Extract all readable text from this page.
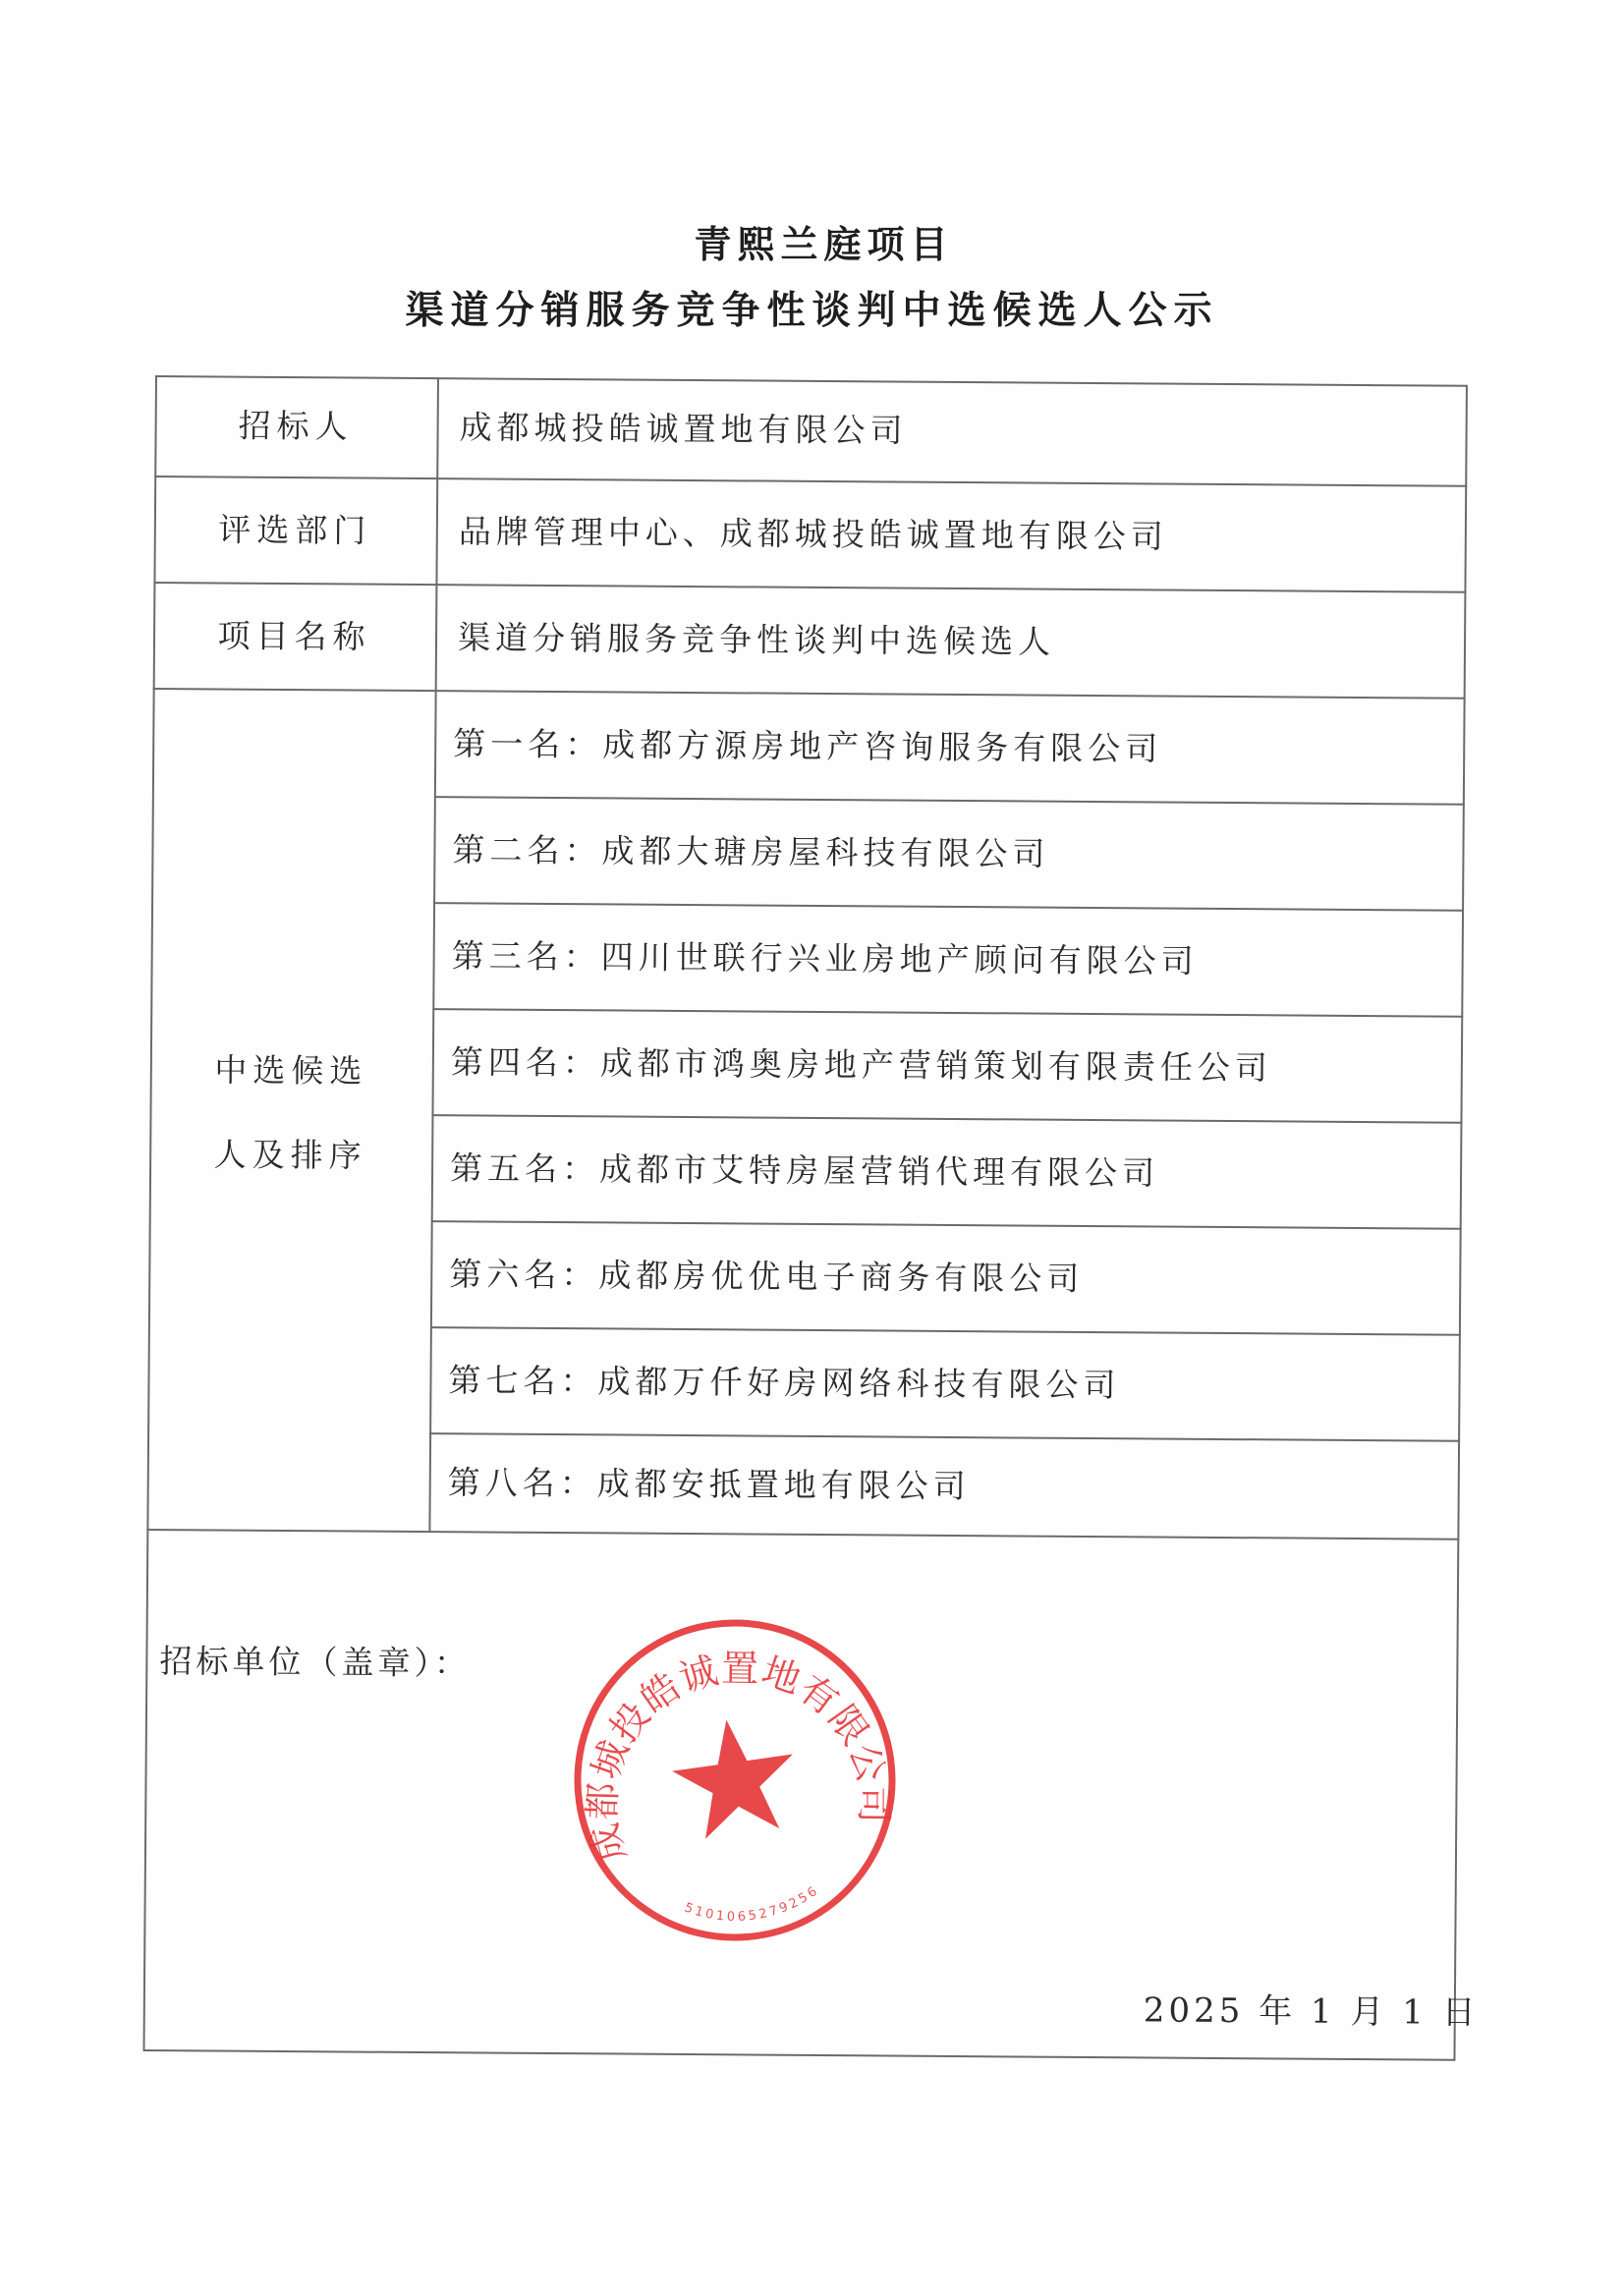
青熙兰庭项目
渠道分销服务竞争性谈判中选候选人公示
招标人	成都城投皓诚置地有限公司
评选部门	品牌管理中心、成都城投皓诚置地有限公司
项目名称	渠道分销服务竞争性谈判中选候选人
中选候选
人及排序
第一名：成都方源房地产咨询服务有限公司
第二名：成都大瑭房屋科技有限公司
第三名：四川世联行兴业房地产顾问有限公司
第四名：成都市鸿奥房地产营销策划有限责任公司
第五名：成都市艾特房屋营销代理有限公司
第六名：成都房优优电子商务有限公司
第七名：成都万仟好房网络科技有限公司
第八名：成都安抵置地有限公司
招标单位（盖章）：
2025 年 1 月 1 日
成都城投皓诚置地有限公司
5101065279256
